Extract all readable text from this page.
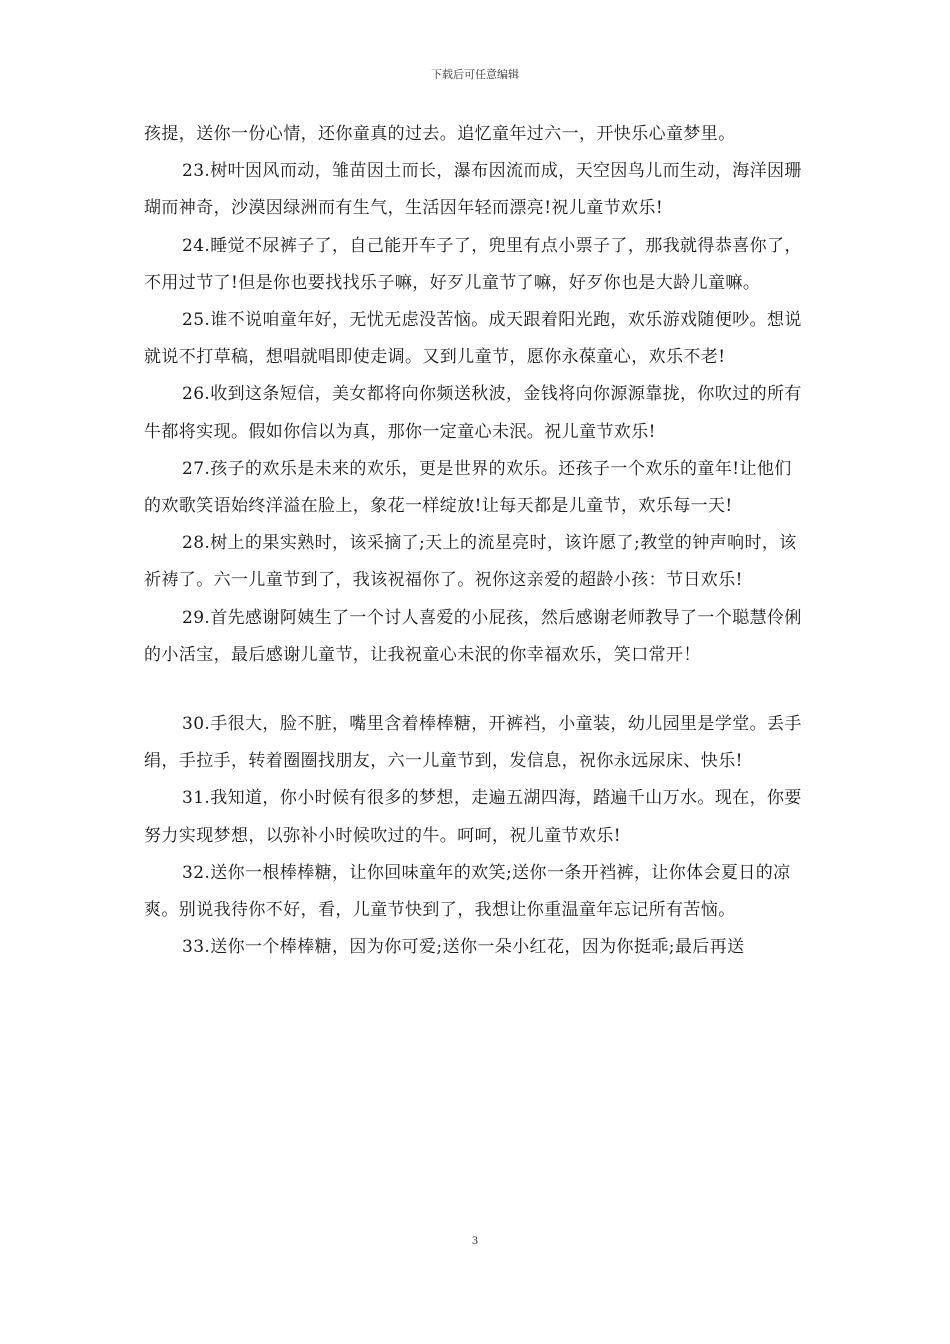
下载后可任意编辑

孩提，送你一份心情，还你童真的过去。追忆童年过六一，开快乐心童梦里。

23.树叶因风而动，雏苗因土而长，瀑布因流而成，天空因鸟儿而生动，海洋因珊瑚而神奇，沙漠因绿洲而有生气，生活因年轻而漂亮!祝儿童节欢乐!

24.睡觉不尿裤子了，自己能开车子了，兜里有点小票子了，那我就得恭喜你了，不用过节了!但是你也要找找乐子嘛，好歹儿童节了嘛，好歹你也是大龄儿童嘛。

25.谁不说咱童年好，无忧无虑没苦恼。成天跟着阳光跑，欢乐游戏随便吵。想说就说不打草稿，想唱就唱即使走调。又到儿童节，愿你永葆童心，欢乐不老!

26.收到这条短信，美女都将向你频送秋波，金钱将向你源源靠拢，你吹过的所有牛都将实现。假如你信以为真，那你一定童心未泯。祝儿童节欢乐!

27.孩子的欢乐是未来的欢乐，更是世界的欢乐。还孩子一个欢乐的童年!让他们的欢歌笑语始终洋溢在脸上，象花一样绽放!让每天都是儿童节，欢乐每一天!

28.树上的果实熟时，该采摘了;天上的流星亮时，该许愿了;教堂的钟声响时，该祈祷了。六一儿童节到了，我该祝福你了。祝你这亲爱的超龄小孩：节日欢乐!

29.首先感谢阿姨生了一个讨人喜爱的小屁孩，然后感谢老师教导了一个聪慧伶俐的小活宝，最后感谢儿童节，让我祝童心未泯的你幸福欢乐，笑口常开！

30.手很大，脸不脏，嘴里含着棒棒糖，开裤裆，小童装，幼儿园里是学堂。丢手绢，手拉手，转着圈圈找朋友，六一儿童节到，发信息，祝你永远尿床、快乐!

31.我知道，你小时候有很多的梦想，走遍五湖四海，踏遍千山万水。现在，你要努力实现梦想，以弥补小时候吹过的牛。呵呵，祝儿童节欢乐!

32.送你一根棒棒糖，让你回味童年的欢笑;送你一条开裆裤，让你体会夏日的凉爽。别说我待你不好，看，儿童节快到了，我想让你重温童年忘记所有苦恼。

33.送你一个棒棒糖，因为你可爱;送你一朵小红花，因为你挺乖;最后再送

3
